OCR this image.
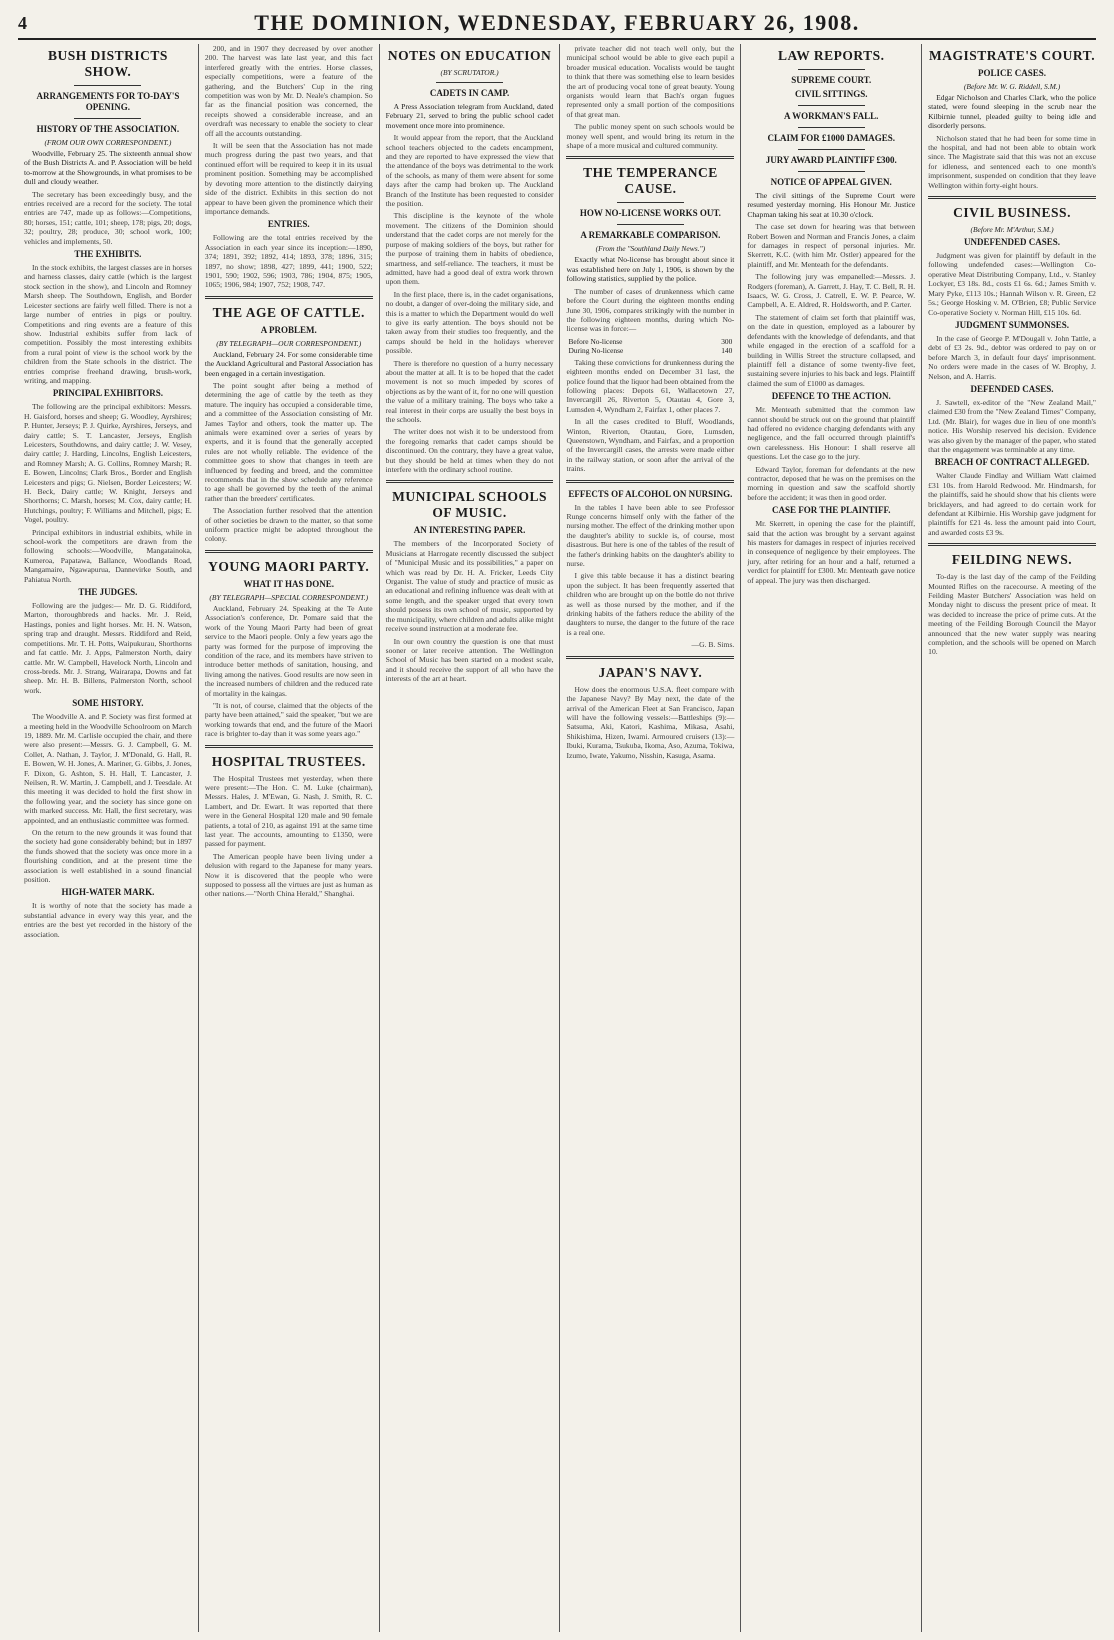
4	THE DOMINION, WEDNESDAY, FEBRUARY 26, 1908.
BUSH DISTRICTS SHOW.
ARRANGEMENTS FOR TO-DAY'S OPENING.
HISTORY OF THE ASSOCIATION.
(FROM OUR OWN CORRESPONDENT.)

Woodville, February 25. The sixteenth annual show of the Bush Districts A. and P. Association will be held to-morrow at the Showgrounds, in what promises to be dull and cloudy weather.

The secretary has been exceedingly busy, and the entries received are a record for the society. The total entries are 747, made up as follows:—Competitions, 80; horses, 151; cattle, 101; sheep, 178; pigs, 20; dogs, 32; poultry, 28; produce, 30; school work, 100; vehicles and implements, 50.

THE EXHIBITS.

In the stock exhibits, the largest classes are in horses and harness classes, dairy cattle (which is the largest stock section in the show), and Lincoln and Romney Marsh sheep. The Southdown, English, and Border Leicester sections are fairly well filled. There is not a large number of entries in pigs or poultry. Competitions and ring events are a feature of this show. Industrial exhibits suffer from lack of competition. Possibly the most interesting exhibits from a rural point of view is the school work by the children from the State schools in the district. The entries comprise freehand drawing, brush-work, writing, and mapping.

PRINCIPAL EXHIBITORS.

The following are the principal exhibitors: Messrs. H. Gaisford, horses and sheep; G. Woodley, Ayrshires; P. Hunter, Jerseys; P. J. Quirke, Ayrshires, Jerseys, and dairy cattle; S. T. Lancaster, Jerseys, English Leicesters, Southdowns, and dairy cattle; J. W. Vesey, dairy cattle; J. Harding, Lincolns, English Leicesters, and Romney Marsh; A. G. Collins, Romney Marsh; R. E. Bowen, Lincolns; Clark Bros., Border and English Leicesters and pigs; G. Nielsen, Border Leicesters; W. H. Beck, Dairy cattle; W. Knight, Jerseys and Shorthorns; C. Marsh, horses; M. Cox, dairy cattle; H. Hutchings, poultry; F. Williams and Mitchell, pigs; E. Vogel, poultry.

Principal exhibitors in industrial exhibits, while in school-work the competitors are drawn from the following schools:—Woodville, Mangatainoka, Kumeroa, Papatawa, Ballance, Woodlands Road, Mangamaire, Ngawapurua, Dannevirke South, and Pahiatua North.

THE JUDGES.

Following are the judges:— Mr. D. G. Riddiford, Marton, thoroughbreds and hacks. Mr. J. Reid, Hastings, ponies and light horses. Mr. H. N. Watson, spring trap and draught. Messrs. Riddiford and Reid, competitions. Mr. T. H. Potts, Waipukurau, Shorthorns and fat cattle. Mr. J. Apps, Palmerston North, dairy cattle. Mr. W. Campbell, Havelock North, Lincoln and cross-breds. Mr. J. Strang, Wairarapa, Downs and fat sheep. Mr. H. B. Billens, Palmerston North, school work.

SOME HISTORY.

The Woodville A. and P. Society was first formed at a meeting held in the Woodville Schoolroom on March 19, 1889. Mr. M. Carlisle occupied the chair, and there were also present:—Messrs. G. J. Campbell, G. M. Collet, A. Nathan, J. Taylor, J. M'Donald, G. Hall, R. E. Bowen, W. H. Jones, A. Mariner, G. Gibbs, J. Jones, F. Dixon, G. Ashton, S. H. Hall, T. Lancaster, J. Neilsen, R. W. Martin, J. Campbell, and J. Teesdale. At this meeting it was decided to hold the first show in the following year, and the society has since gone on with marked success. Mr. Hall, the first secretary, was appointed, and an enthusiastic committee was formed.

On the return to the new grounds it was found that the society had gone considerably behind; but in 1897 the funds showed that the society was once more in a flourishing condition, and at the present time the association is well established in a sound financial position.

HIGH-WATER MARK.

It is worthy of note that the society has made a substantial advance in every way this year, and the entries are the best yet recorded in the history of the association.

200, and in 1907 they decreased by over another 200. The harvest was late last year, and this fact interfered greatly with the entries. Horse classes, especially competitions, were a feature of the gathering, and the Butchers' Cup in the ring competition was won by Mr. D. Neale's champion. So far as the financial position was concerned, the receipts showed a considerable increase, and an overdraft was necessary to enable the society to clear off all the accounts outstanding.

It will be seen that the Association has not made much progress during the past two years, and that continued effort will be required to keep it in its usual prominent position. Something may be accomplished by devoting more attention to the distinctly dairying side of the district. Exhibits in this section do not appear to have been given the prominence which their importance demands.

ENTRIES.

Following are the total entries received by the Association in each year since its inception:—1890, 374; 1891, 392; 1892, 414; 1893, 378; 1896, 315; 1897, no show; 1898, 427; 1899, 441; 1900, 522; 1901, 590; 1902, 596; 1903, 786; 1904, 875; 1905, 1065; 1906, 984; 1907, 752; 1908, 747.

THE AGE OF CATTLE.
A PROBLEM.
(BY TELEGRAPH—OUR CORRESPONDENT.)

Auckland, February 24. For some considerable time the Auckland Agricultural and Pastoral Association has been engaged in a certain investigation.

The point sought after being a method of determining the age of cattle by the teeth as they mature. The inquiry has occupied a considerable time, and a committee of the Association consisting of Mr. James Taylor and others, took the matter up. The animals were examined over a series of years by experts, and it is found that the generally accepted rules are not wholly reliable. The evidence of the committee goes to show that changes in teeth are influenced by feeding and breed, and the committee recommends that in the show schedule any reference to age shall be governed by the teeth of the animal rather than the breeders' certificates.

The Association further resolved that the attention of other societies be drawn to the matter, so that some uniform practice might be adopted throughout the colony.

YOUNG MAORI PARTY.
WHAT IT HAS DONE.
(BY TELEGRAPH—SPECIAL CORRESPONDENT.)

Auckland, February 24. Speaking at the Te Aute Association's conference, Dr. Pomare said that the work of the Young Maori Party had been of great service to the Maori people. Only a few years ago the party was formed for the purpose of improving the condition of the race, and its members have striven to introduce better methods of sanitation, housing, and living among the natives. Good results are now seen in the increased numbers of children and the reduced rate of mortality in the kaingas.

"It is not, of course, claimed that the objects of the party have been attained," said the speaker, "but we are working towards that end, and the future of the Maori race is brighter to-day than it was some years ago."

HOSPITAL TRUSTEES.

The Hospital Trustees met yesterday, when there were present:—The Hon. C. M. Luke (chairman), Messrs. Hales, J. M'Ewan, G. Nash, J. Smith, R. C. Lambert, and Dr. Ewart. It was reported that there were in the General Hospital 120 male and 90 female patients, a total of 210, as against 191 at the same time last year. The accounts, amounting to £1350, were passed for payment.

The American people have been living under a delusion with regard to the Japanese for many years. Now it is discovered that the people who were supposed to possess all the virtues are just as human as other nations.—"North China Herald," Shanghai.

NOTES ON EDUCATION
(BY SCRUTATOR.)
CADETS IN CAMP.

A Press Association telegram from Auckland, dated February 21, served to bring the public school cadet movement once more into prominence.

It would appear from the report, that the Auckland school teachers objected to the cadets encampment, and they are reported to have expressed the view that the attendance of the boys was detrimental to the work of the schools, as many of them were absent for some days after the camp had broken up. The Auckland Branch of the Institute has been requested to consider the position.

This discipline is the keynote of the whole movement. The citizens of the Dominion should understand that the cadet corps are not merely for the purpose of making soldiers of the boys, but rather for the purpose of training them in habits of obedience, smartness, and self-reliance. The teachers, it must be admitted, have had a good deal of extra work thrown upon them.

In the first place, there is, in the cadet organisations, no doubt, a danger of over-doing the military side, and this is a matter to which the Department would do well to give its early attention. The boys should not be taken away from their studies too frequently, and the camps should be held in the holidays wherever possible.

There is therefore no question of a hurry necessary about the matter at all. It is to be hoped that the cadet movement is not so much impeded by scores of objections as by the want of it, for no one will question the value of a military training. The boys who take a real interest in their corps are usually the best boys in the schools.

The writer does not wish it to be understood from the foregoing remarks that cadet camps should be discontinued. On the contrary, they have a great value, but they should be held at times when they do not interfere with the ordinary school routine.

MUNICIPAL SCHOOLS OF MUSIC.
AN INTERESTING PAPER.

The members of the Incorporated Society of Musicians at Harrogate recently discussed the subject of "Municipal Music and its possibilities," a paper on which was read by Dr. H. A. Fricker, Leeds City Organist. The value of study and practice of music as an educational and refining influence was dealt with at some length, and the speaker urged that every town should possess its own school of music, supported by the municipality, where children and adults alike might receive sound instruction at a moderate fee.

In our own country the question is one that must sooner or later receive attention. The Wellington School of Music has been started on a modest scale, and it should receive the support of all who have the interests of the art at heart.

private teacher did not teach well only, but the municipal school would be able to give each pupil a broader musical education. Vocalists would be taught to think that there was something else to learn besides the art of producing vocal tone of great beauty. Young organists would learn that Bach's organ fugues represented only a small portion of the compositions of that great man.

The public money spent on such schools would be money well spent, and would bring its return in the shape of a more musical and cultured community.

THE TEMPERANCE CAUSE.
HOW NO-LICENSE WORKS OUT.
A REMARKABLE COMPARISON.
(From the "Southland Daily News.")

Exactly what No-license has brought about since it was established here on July 1, 1906, is shown by the following statistics, supplied by the police.

The number of cases of drunkenness which came before the Court during the eighteen months ending June 30, 1906, compares strikingly with the number in the following eighteen months, during which No-license was in force:—

Before No-license	300
During No-license	140

Taking these convictions for drunkenness during the eighteen months ended on December 31 last, the police found that the liquor had been obtained from the following places: Depots 61, Wallacetown 27, Invercargill 26, Riverton 5, Otautau 4, Gore 3, Lumsden 4, Wyndham 2, Fairfax 1, other places 7.

In all the cases credited to Bluff, Woodlands, Winton, Riverton, Otautau, Gore, Lumsden, Queenstown, Wyndham, and Fairfax, and a proportion of the Invercargill cases, the arrests were made either in the railway station, or soon after the arrival of the trains.

EFFECTS OF ALCOHOL ON NURSING.

In the tables I have been able to see Professor Runge concerns himself only with the father of the nursing mother. The effect of the drinking mother upon the daughter's ability to suckle is, of course, most disastrous. But here is one of the tables of the result of the father's drinking habits on the daughter's ability to nurse.

I give this table because it has a distinct bearing upon the subject. It has been frequently asserted that children who are brought up on the bottle do not thrive as well as those nursed by the mother, and if the drinking habits of the fathers reduce the ability of the daughters to nurse, the danger to the future of the race is a real one.

—G. B. Sims.

JAPAN'S NAVY.

How does the enormous U.S.A. fleet compare with the Japanese Navy? By May next, the date of the arrival of the American Fleet at San Francisco, Japan will have the following vessels:—Battleships (9):—Satsuma, Aki, Katori, Kashima, Mikasa, Asahi, Shikishima, Hizen, Iwami. Armoured cruisers (13):—Ibuki, Kurama, Tsukuba, Ikoma, Aso, Azuma, Tokiwa, Izumo, Iwate, Yakumo, Nisshin, Kasuga, Asama.

LAW REPORTS.
SUPREME COURT.
CIVIL SITTINGS.
A WORKMAN'S FALL.
CLAIM FOR £1000 DAMAGES.
JURY AWARD PLAINTIFF £300.
NOTICE OF APPEAL GIVEN.

The civil sittings of the Supreme Court were resumed yesterday morning. His Honour Mr. Justice Chapman taking his seat at 10.30 o'clock.

The case set down for hearing was that between Robert Bowen and Norman and Francis Jones, a claim for damages in respect of personal injuries. Mr. Skerrett, K.C. (with him Mr. Ostler) appeared for the plaintiff, and Mr. Menteath for the defendants.

The following jury was empanelled:—Messrs. J. Rodgers (foreman), A. Garrett, J. Hay, T. C. Bell, R. H. Isaacs, W. G. Cross, J. Catrell, E. W. P. Pearce, W. Campbell, A. E. Aldred, R. Holdsworth, and P. Carter.

The statement of claim set forth that plaintiff was, on the date in question, employed as a labourer by defendants with the knowledge of defendants, and that while engaged in the erection of a scaffold for a building in Willis Street the structure collapsed, and plaintiff fell a distance of some twenty-five feet, sustaining severe injuries to his back and legs. Plaintiff claimed the sum of £1000 as damages.

DEFENCE TO THE ACTION.

Mr. Menteath submitted that the common law cannot should be struck out on the ground that plaintiff had offered no evidence charging defendants with any negligence, and the fall occurred through plaintiff's own carelessness. His Honour: I shall reserve all questions. Let the case go to the jury.

Edward Taylor, foreman for defendants at the new contractor, deposed that he was on the premises on the morning in question and saw the scaffold shortly before the accident; it was then in good order.

CASE FOR THE PLAINTIFF.

Mr. Skerrett, in opening the case for the plaintiff, said that the action was brought by a servant against his masters for damages in respect of injuries received in consequence of negligence by their employees. The jury, after retiring for an hour and a half, returned a verdict for plaintiff for £300. Mr. Menteath gave notice of appeal. The jury was then discharged.

MAGISTRATE'S COURT.
POLICE CASES.
(Before Mr. W. G. Riddell, S.M.)

Edgar Nicholson and Charles Clark, who the police stated, were found sleeping in the scrub near the Kilbirnie tunnel, pleaded guilty to being idle and disorderly persons.

Nicholson stated that he had been for some time in the hospital, and had not been able to obtain work since. The Magistrate said that this was not an excuse for idleness, and sentenced each to one month's imprisonment, suspended on condition that they leave Wellington within forty-eight hours.

CIVIL BUSINESS.
(Before Mr. M'Arthur, S.M.)
UNDEFENDED CASES.

Judgment was given for plaintiff by default in the following undefended cases:—Wellington Co-operative Meat Distributing Company, Ltd., v. Stanley Lockyer, £3 18s. 8d., costs £1 6s. 6d.; James Smith v. Mary Pyke, £113 10s.; Hannah Wilson v. R. Green, £2 5s.; George Hosking v. M. O'Brien, £8; Public Service Co-operative Society v. Norman Hill, £15 10s. 6d.

JUDGMENT SUMMONSES.

In the case of George P. M'Dougall v. John Tattle, a debt of £3 2s. 9d., debtor was ordered to pay on or before March 3, in default four days' imprisonment. No orders were made in the cases of W. Brophy, J. Nelson, and A. Harris.

DEFENDED CASES.

J. Sawtell, ex-editor of the "New Zealand Mail," claimed £30 from the "New Zealand Times" Company, Ltd. (Mr. Blair), for wages due in lieu of one month's notice. His Worship reserved his decision. Evidence was also given by the manager of the paper, who stated that the engagement was terminable at any time.

BREACH OF CONTRACT ALLEGED.

Walter Claude Findlay and William Watt claimed £31 10s. from Harold Redwood. Mr. Hindmarsh, for the plaintiffs, said he should show that his clients were bricklayers, and had agreed to do certain work for defendant at Kilbirnie. His Worship gave judgment for plaintiffs for £21 4s. less the amount paid into Court, and awarded costs £3 9s.

FEILDING NEWS.

To-day is the last day of the camp of the Feilding Mounted Rifles on the racecourse. A meeting of the Feilding Master Butchers' Association was held on Monday night to discuss the present price of meat. It was decided to increase the price of prime cuts. At the meeting of the Feilding Borough Council the Mayor announced that the new water supply was nearing completion, and the schools will be opened on March 10.
